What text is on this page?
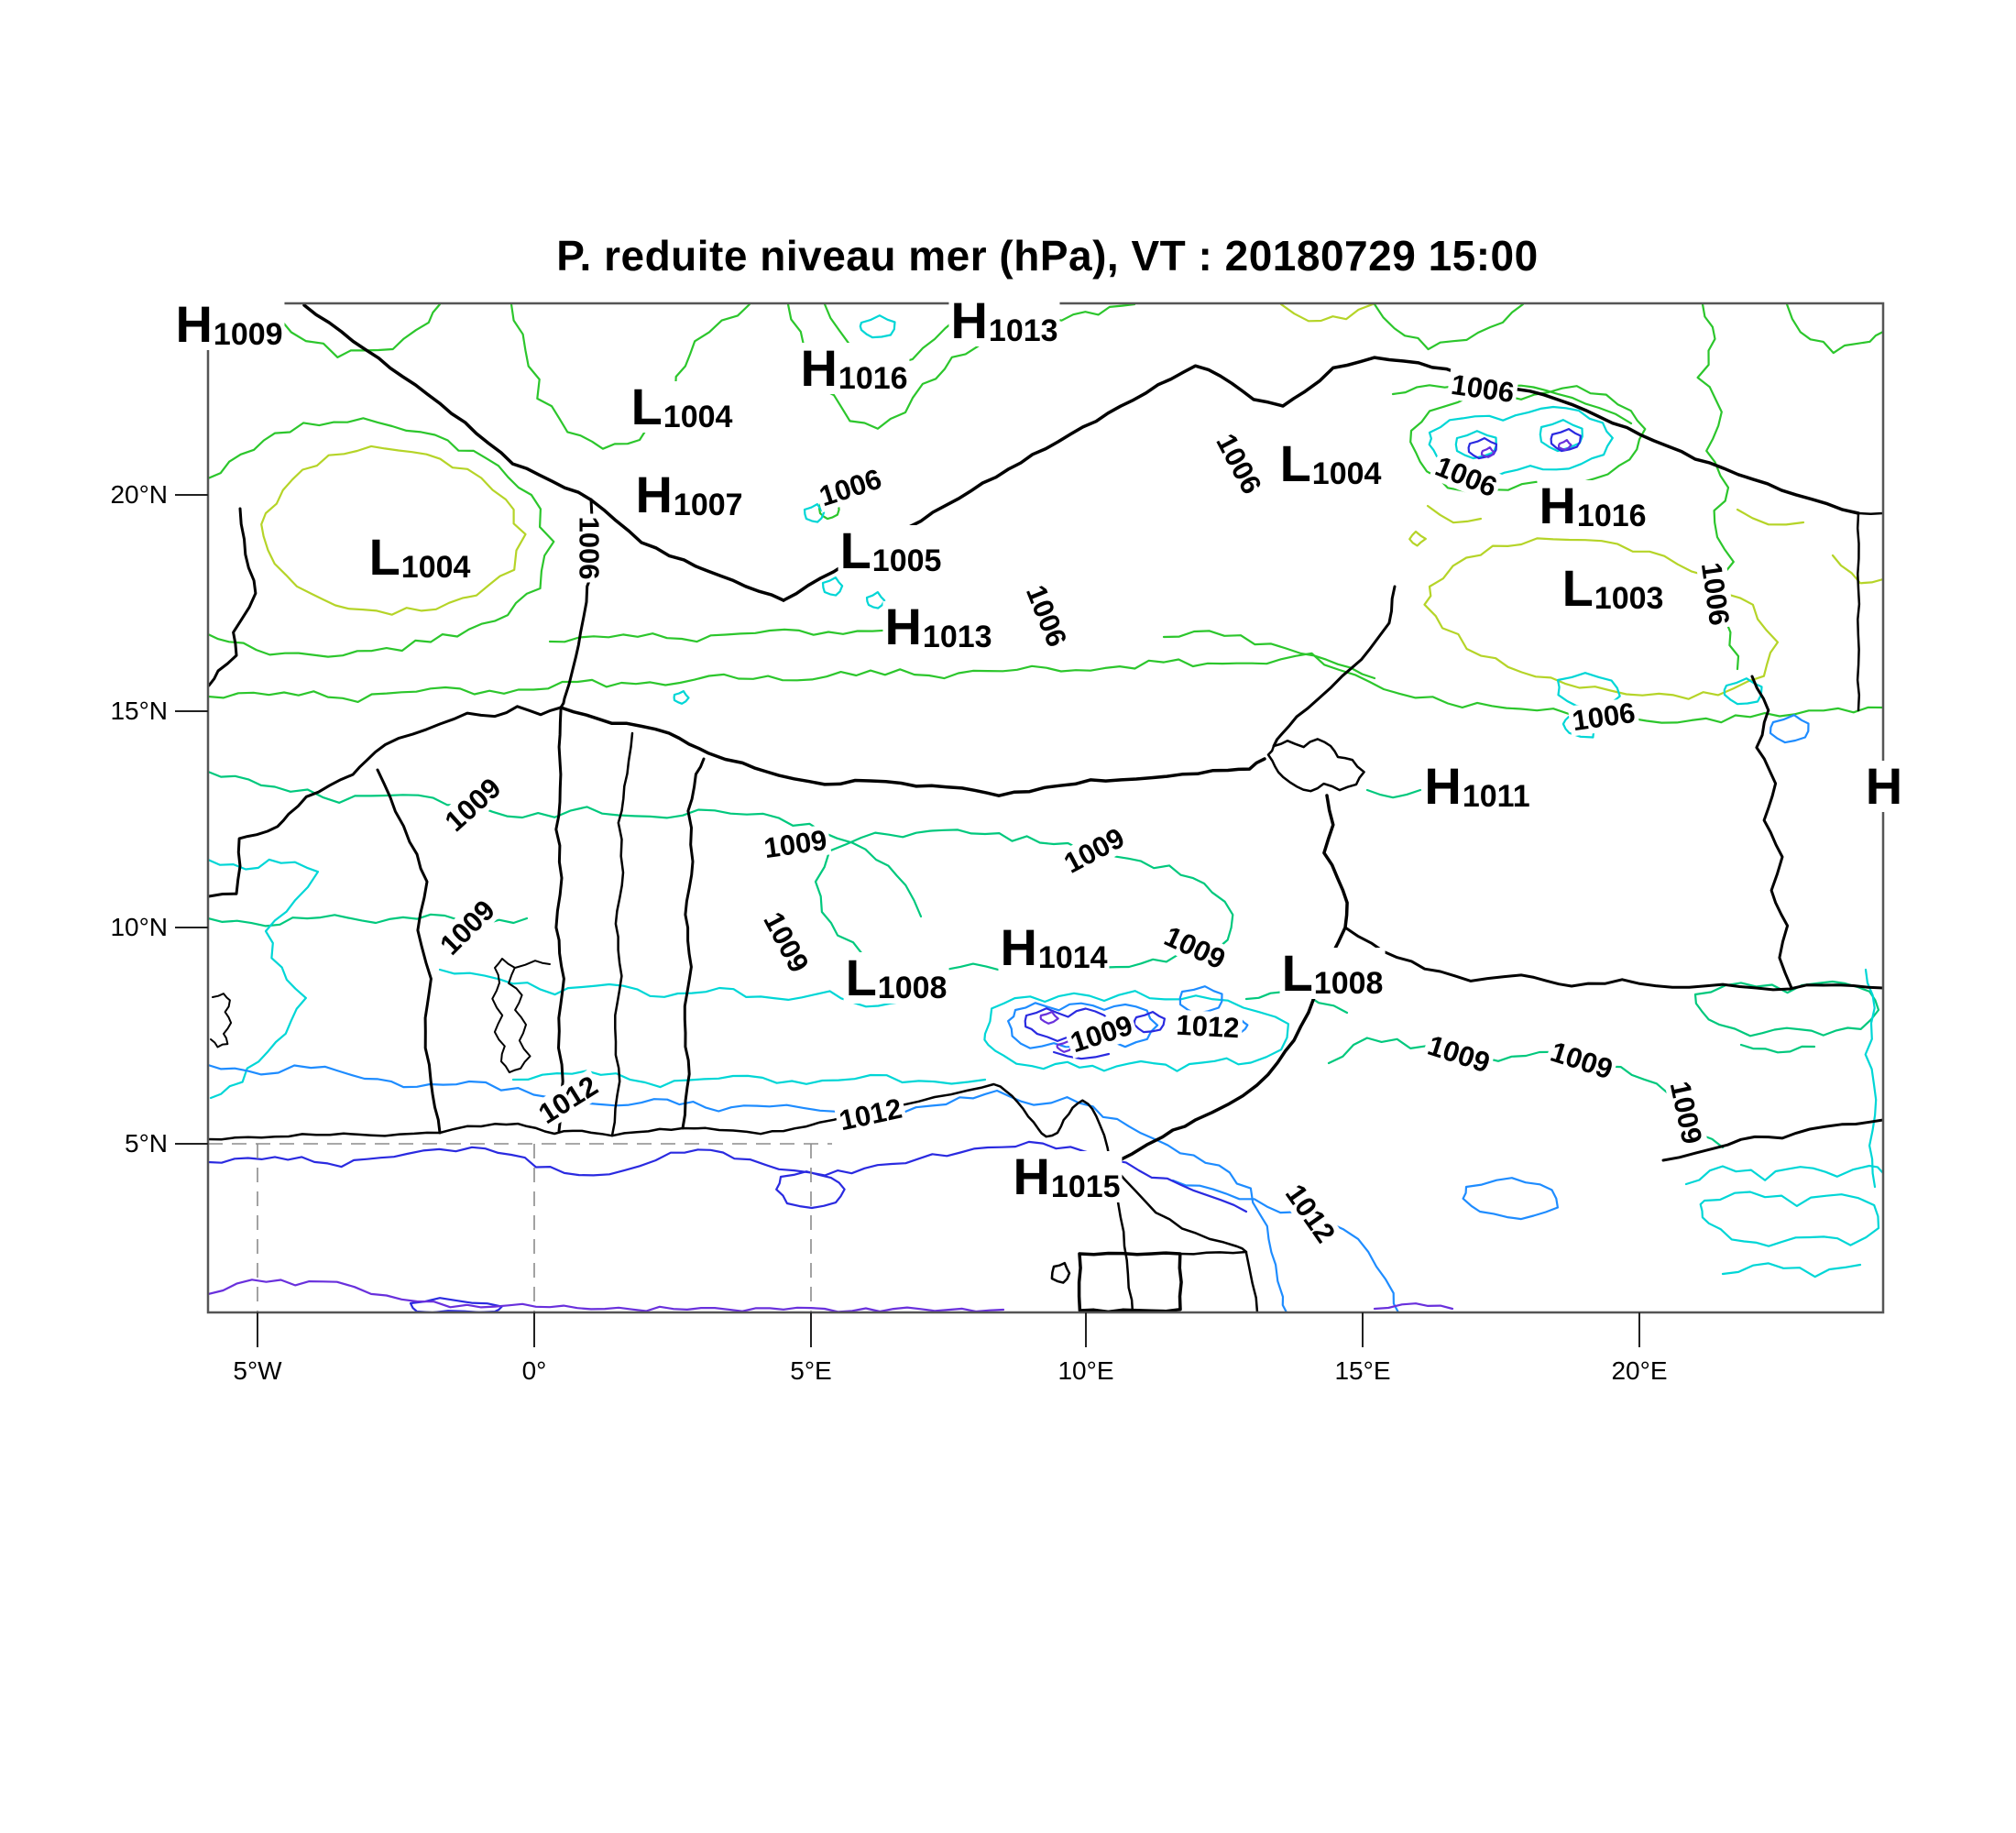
P. reduite niveau mer (hPa), VT : 20180729 15:00
H 1009
L 1004
H 1007
L 1004
H 1013
H 1016
L 1005
H 1013
L 1004
H 1016
L 1003
H 1011
H 1014
L 1008	L 1008
H 1015
H
1006
1006	1006
1006
1006
1006
1006
1006
1009
1009
1009
1009
1009
1009
1009	1009 1009
1009
1012	1012
1012
1012
5°W	0°	5°E	10°E	15°E	20°E
20°N
15°N
10°N
5°N
